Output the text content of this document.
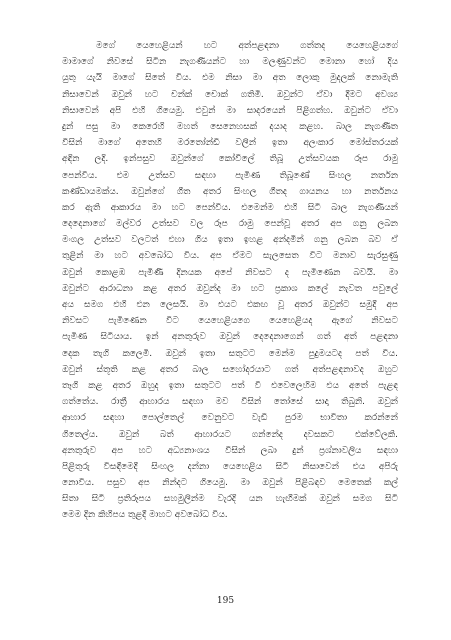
මගේ යෙහෙළියන් හට අත්පළඳනා ගත්තද යෙහෙළියගේ
මාමාගේ නිවසේ සිටින නැගණියන්ට හා මලණුවන්ට මොනා හෝ දිය
යුතු යැයි මාගේ සිතේ විය. එම නිසා මා අත ලොකු මුදලක් නොමැති
නිසාවෙන් ඔවුන් හට චන්ක් චොක් ගතිමි. ඔවුන්ට ඒවා දීමට අවශ්‍ය
නිසාවෙන් අපි එහි ගියෙමු. එවුන් මා සාදරයෙන් පිළිගත්හ. ඔවුන්ට ඒවා
දුන් පසු මා කෙරෙහි මහත් සෙනෙහසක් දයාද කළහ. බාල නැගණිත
විසින් මාගේ අතෙහි මරතෝන්ඩි වලින් ඉතා අලංකාර මෝස්තරයක්
අඳින ලදි. ඉන්පසුව ඔවුන්ගේ කෝවිලේ තිබූ උත්සවයක රූප රාමු
පෙන්වීය. එම උත්සව සඳහා පැමිණ තිබූණේ සිංහල නර්තන
කණ්ඩායමක්ය. ඔවුන්ගේ ගීත අතර සිංහල ගීතද ගායනය හා නර්තනය
කර ඇති ආකාරය මා හට පෙන්විය. එමෙන්ම එහි සිටි බාල නැගණියන්
දෙදෙනාගේ මල්වර උත්සව වල රූප රාමු පෙන්වූ අතර අප ගනු ලබන
මංගල උත්සව වලටත් එහා ගිය ඉතා ඉහළ අන්දමින් ගනු ලබන බව ඒ
තුළින් මා හට අවබෝධ විය. අප ඒමට සැලසෙත විට මනාව සැරසුණු
ඔවුන් කොළඹ පැමිණි දිනයක අපේ නිවසට ද පැමිණෙන බවයි. මා
ඔවුන්ට ආරාධනා කළ අතර ඔවුන්ද මා හට ප්‍රකාශ කලේ නැවත පවුලේ
අය සමග එහි එන ලෙසයි. මා එයට එකඟ වූ අතර ඔවුන්ට සමුදී අප
නිවසට පැමිණෙන විට යෙහෙළියගෙ යෙහෙළියද ඇගේ නිවසට
පැමිණ සිටියාය. ඉන් අනතුරුව ඔවුන් දෙදෙනාගෙන් ගත් අත් පළඳනා
දෙක තැගි කලෙමි. ඔවුන් ඉතා සතුටට මෙන්ම පුදුමයටද පත් විය.
ඔවුන් ස්තූති කළ අතර බාල සහෝදරයාට ගත් අත්පළඳනාවද ඔහුට
තෑගි කළ අතර ඔහුද ඉතා සතුටට පත් වී එවෙලෙහිම එය අතේ පැළඳ
ගත්තේය. රාත්‍රී ආහාරය සඳහා මව විසින් තෝසේ සාදා තිබුනි. ඔවුන්
ආහාර සඳහා පොල්තෙල් වෙනුවට වැඩි පුරම භාවිතා කරන්නේ
ගිතෙල්ය. ඔවුන් බත් ආහාරයට ගන්නේද දවසකට එක්වේලකි.
අනතුරුව අප හට අධ්‍යනාංශය විසින් ලබා දුන් ප්‍රශ්නාවලිය සඳහා
පිළිතුරු විසඳීමෙදී සිංහල දන්නා යෙහෙළිය සිටි නිසාවෙන් එය අපිරු
නොවිය. පසුව අප නින්දට ගියෙමු. මා ඔවුන් පිළිබඳව මෙතෙක් කල්
සිතා සිටි ප්‍රතිරූපය සහමුලින්ම වැරදි යන හැඟීමක් ඔවුන් සමග සිටි
මෙම දින කිහිපය තුළදී මාහට අවබෝධ විය.
195
